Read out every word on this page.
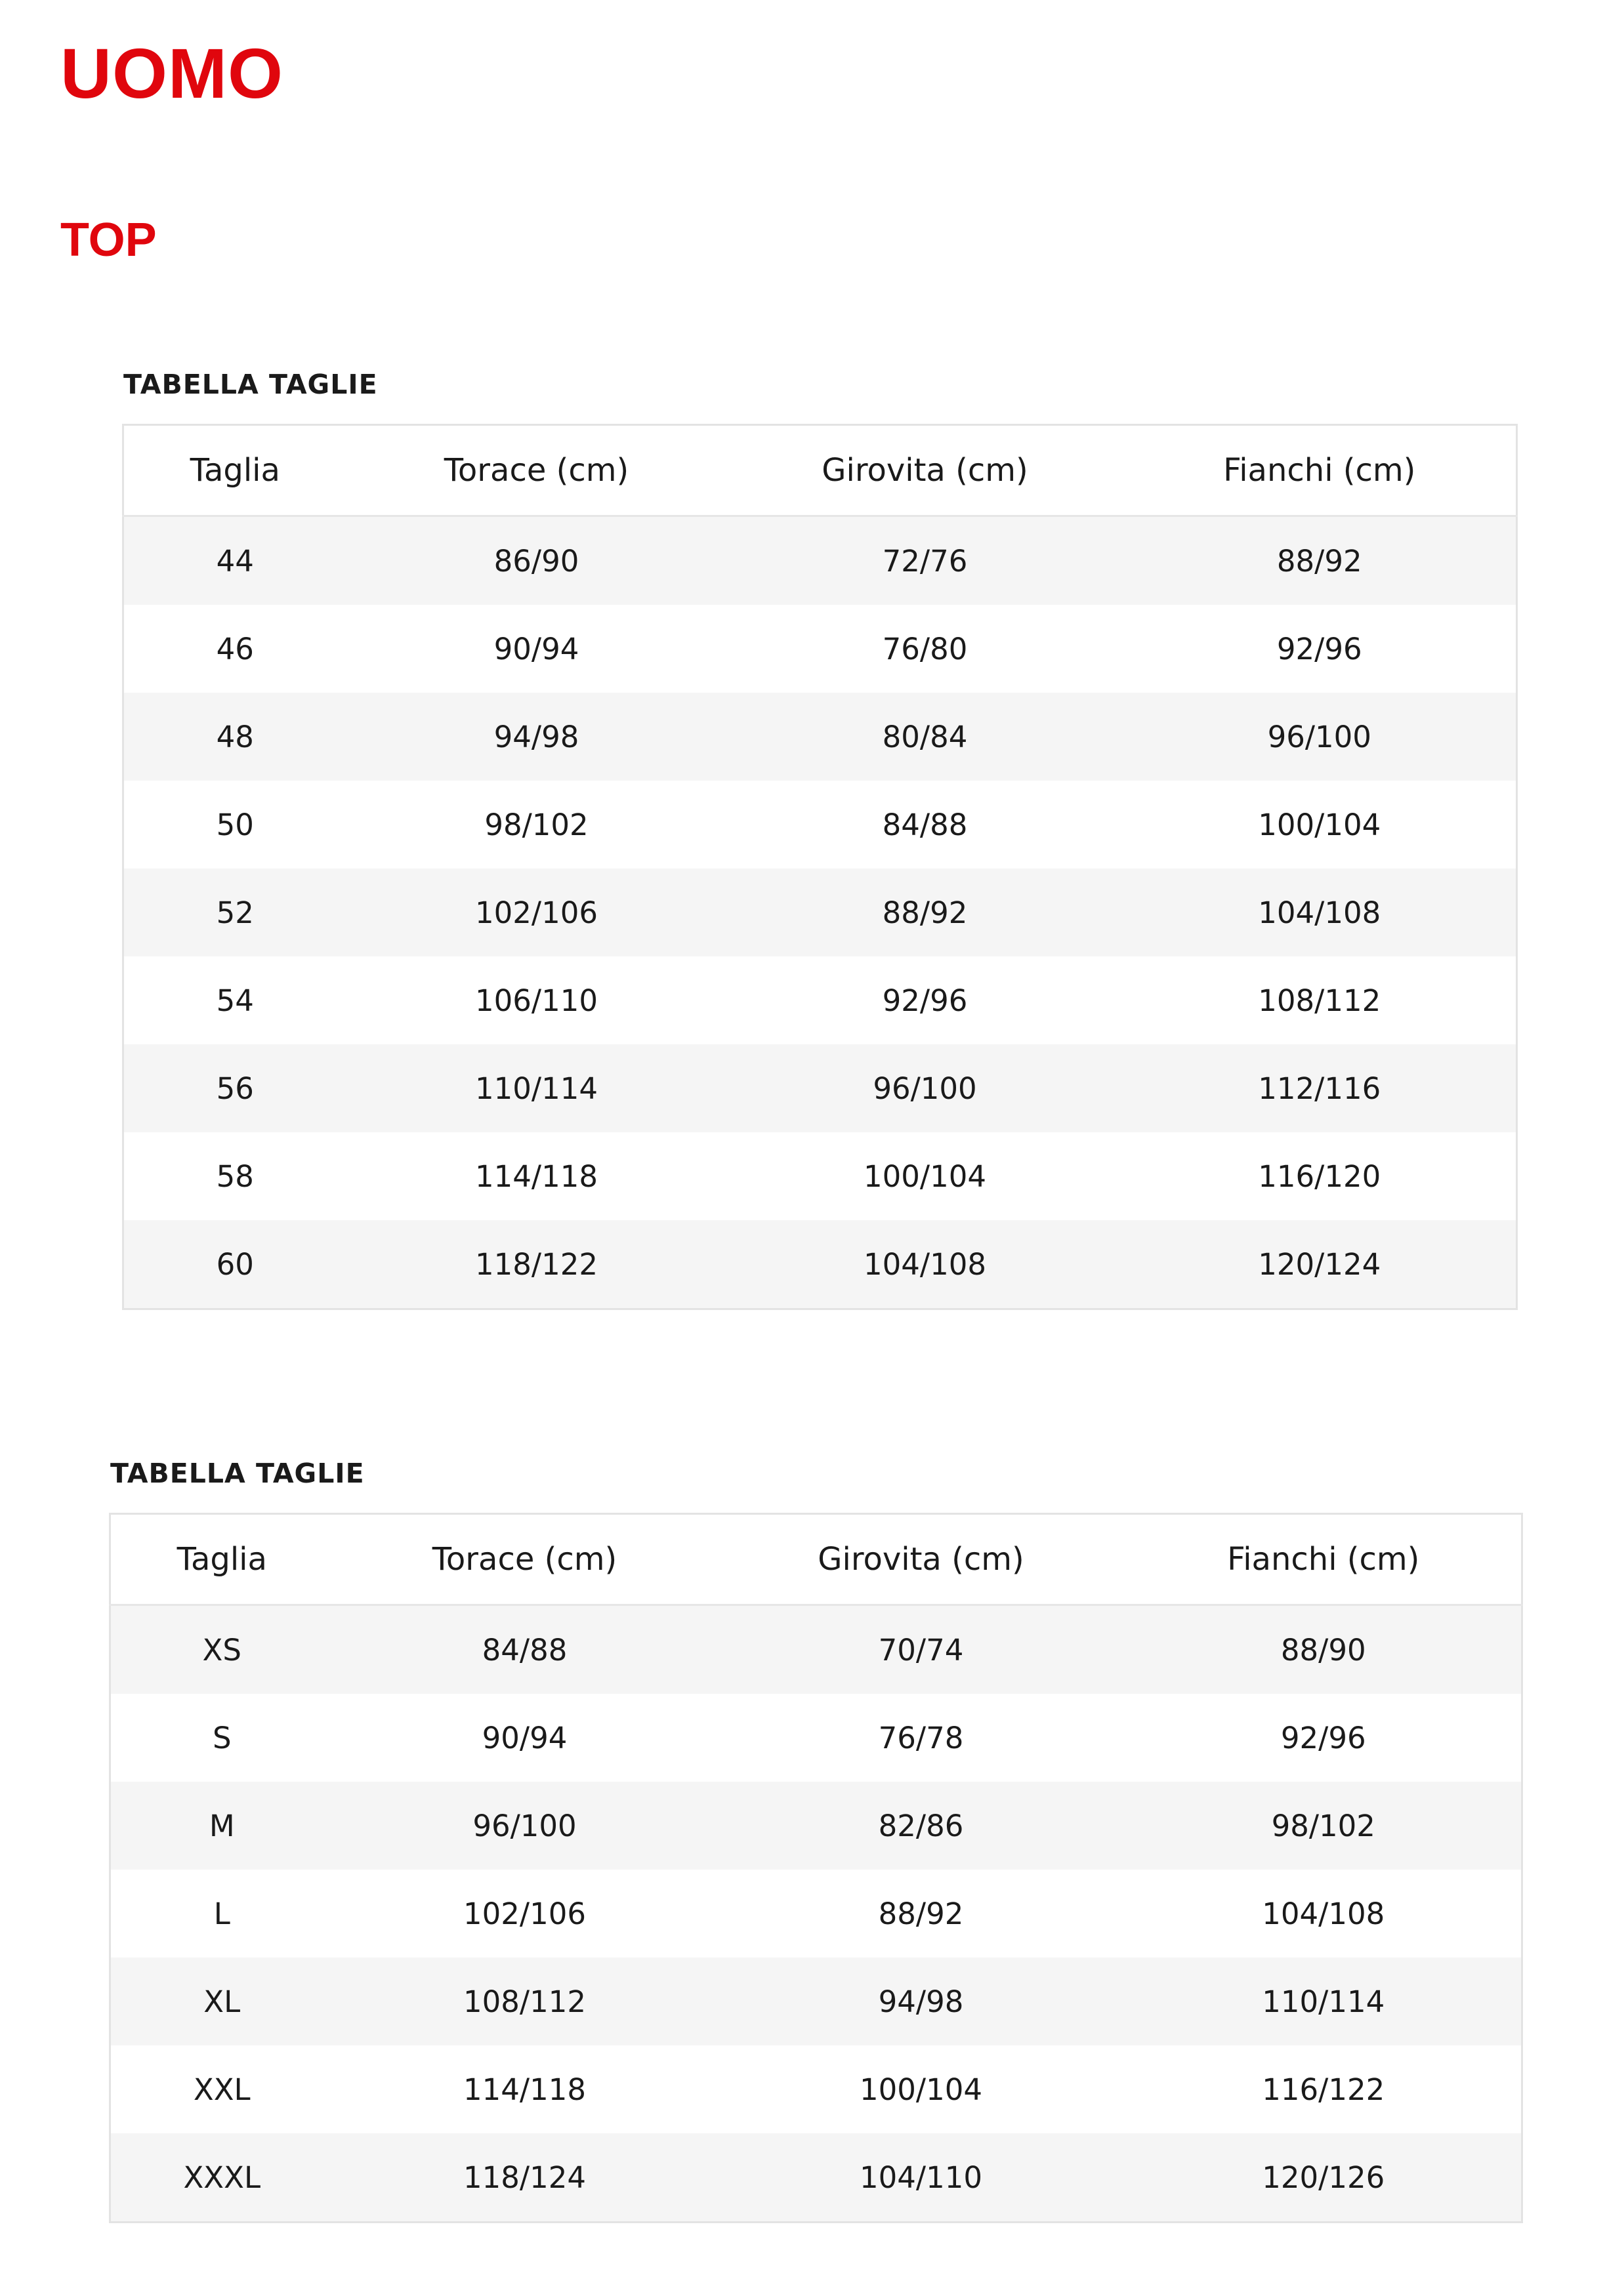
UOMO
TOP
TABELLA TAGLIE
Taglia	Torace (cm)	Girovita (cm)	Fianchi (cm)
44	86/90	72/76	88/92
46	90/94	76/80	92/96
48	94/98	80/84	96/100
50	98/102	84/88	100/104
52	102/106	88/92	104/108
54	106/110	92/96	108/112
56	110/114	96/100	112/116
58	114/118	100/104	116/120
60	118/122	104/108	120/124
TABELLA TAGLIE
Taglia	Torace (cm)	Girovita (cm)	Fianchi (cm)
XS	84/88	70/74	88/90
S	90/94	76/78	92/96
M	96/100	82/86	98/102
L	102/106	88/92	104/108
XL	108/112	94/98	110/114
XXL	114/118	100/104	116/122
XXXL	118/124	104/110	120/126
